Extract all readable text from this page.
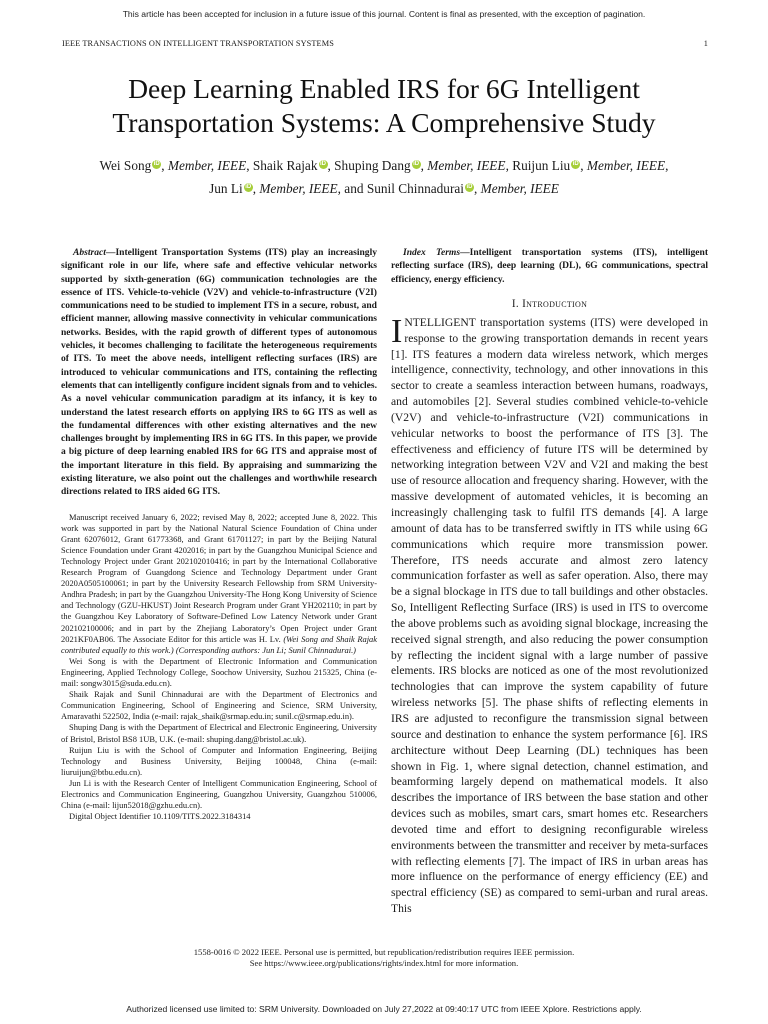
This article has been accepted for inclusion in a future issue of this journal. Content is final as presented, with the exception of pagination.
IEEE TRANSACTIONS ON INTELLIGENT TRANSPORTATION SYSTEMS	1
Deep Learning Enabled IRS for 6G Intelligent
Transportation Systems: A Comprehensive Study
Wei Song iD , Member, IEEE, Shaik Rajak iD , Shuping Dang iD , Member, IEEE, Ruijun Liu iD , Member, IEEE,
Jun Li iD , Member, IEEE, and Sunil Chinnadurai iD , Member, IEEE

Abstract—Intelligent Transportation Systems (ITS) play an increasingly significant role in our life, where safe and effective vehicular networks supported by sixth-generation (6G) communication technologies are the essence of ITS. Vehicle-to-vehicle (V2V) and vehicle-to-infrastructure (V2I) communications need to be studied to implement ITS in a secure, robust, and efficient manner, allowing massive connectivity in vehicular communications networks. Besides, with the rapid growth of different types of autonomous vehicles, it becomes challenging to facilitate the heterogeneous requirements of ITS. To meet the above needs, intelligent reflecting surfaces (IRS) are introduced to vehicular communications and ITS, containing the reflecting elements that can intelligently configure incident signals from and to vehicles. As a novel vehicular communication paradigm at its infancy, it is key to understand the latest research efforts on applying IRS to 6G ITS as well as the fundamental differences with other existing alternatives and the new challenges brought by implementing IRS in 6G ITS. In this paper, we provide a big picture of deep learning enabled IRS for 6G ITS and appraise most of the important literature in this field. By appraising and summarizing the existing literature, we also point out the challenges and worthwhile research directions related to IRS aided 6G ITS.

Manuscript received January 6, 2022; revised May 8, 2022; accepted June 8, 2022. This work was supported in part by the National Natural Science Foundation of China under Grant 62076012, Grant 61773368, and Grant 61701127; in part by the Beijing Natural Science Foundation under Grant 4202016; in part by the Guangzhou Municipal Science and Technology Project under Grant 202102010416; in part by the International Collaborative Research Program of Guangdong Science and Technology Department under Grant 2020A0505100061; in part by the University Research Fellowship from SRM University-Andhra Pradesh; in part by the Guangzhou University-The Hong Kong University of Science and Technology (GZU-HKUST) Joint Research Program under Grant YH202110; in part by the Guangzhou Key Laboratory of Software-Defined Low Latency Network under Grant 202102100006; and in part by the Zhejiang Laboratory’s Open Project under Grant 2021KF0AB06. The Associate Editor for this article was H. Lv. (Wei Song and Shaik Rajak contributed equally to this work.) (Corresponding authors: Jun Li; Sunil Chinnadurai.)

Wei Song is with the Department of Electronic Information and Communication Engineering, Applied Technology College, Soochow University, Suzhou 215325, China (e-mail: songw3015@suda.edu.cn).

Shaik Rajak and Sunil Chinnadurai are with the Department of Electronics and Communication Engineering, School of Engineering and Science, SRM University, Amaravathi 522502, India (e-mail: rajak_shaik@srmap.edu.in; sunil.c@srmap.edu.in).

Shuping Dang is with the Department of Electrical and Electronic Engineering, University of Bristol, Bristol BS8 1UB, U.K. (e-mail: shuping.dang@bristol.ac.uk).

Ruijun Liu is with the School of Computer and Information Engineering, Beijing Technology and Business University, Beijing 100048, China (e-mail: liuruijun@btbu.edu.cn).

Jun Li is with the Research Center of Intelligent Communication Engineering, School of Electronics and Communication Engineering, Guangzhou University, Guangzhou 510006, China (e-mail: lijun52018@gzhu.edu.cn).

Digital Object Identifier 10.1109/TITS.2022.3184314

Index Terms—Intelligent transportation systems (ITS), intelligent reflecting surface (IRS), deep learning (DL), 6G communications, spectral efficiency, energy efficiency.

I. Introduction

INTELLIGENT transportation systems (ITS) were developed in response to the growing transportation demands in recent years [1]. ITS features a modern data wireless network, which merges intelligence, connectivity, technology, and other innovations in this sector to create a seamless interaction between humans, roadways, and automobiles [2]. Several studies combined vehicle-to-vehicle (V2V) and vehicle-to-infrastructure (V2I) communications in vehicular networks to boost the performance of ITS [3]. The effectiveness and efficiency of future ITS will be determined by networking integration between V2V and V2I and making the best use of resource allocation and frequency sharing. However, with the massive development of automated vehicles, it is becoming an increasingly challenging task to fulfil ITS demands [4]. A large amount of data has to be transferred swiftly in ITS while using 6G communications which require more transmission power. Therefore, ITS needs accurate and almost zero latency communication forfaster as well as safer operation. Also, there may be a signal blockage in ITS due to tall buildings and other obstacles. So, Intelligent Reflecting Surface (IRS) is used in ITS to overcome the above problems such as avoiding signal blockage, increasing the received signal strength, and also reducing the power consumption by reflecting the incident signal with a large number of passive elements. IRS blocks are noticed as one of the most revolutionized technologies that can improve the system capability of future wireless networks [5]. The phase shifts of reflecting elements in IRS are adjusted to reconfigure the transmission signal between source and destination to enhance the system performance [6]. IRS architecture without Deep Learning (DL) techniques has been shown in Fig. 1, where signal detection, channel estimation, and beamforming largely depend on mathematical models. It also describes the importance of IRS between the base station and other devices such as mobiles, smart cars, smart homes etc. Researchers devoted time and effort to designing reconfigurable wireless environments between the transmitter and receiver by meta-surfaces with reflecting elements [7]. The impact of IRS in urban areas has more influence on the performance of energy efficiency (EE) and spectral efficiency (SE) as compared to semi-urban and rural areas. This

1558-0016 © 2022 IEEE. Personal use is permitted, but republication/redistribution requires IEEE permission.
See https://www.ieee.org/publications/rights/index.html for more information.
Authorized licensed use limited to: SRM University. Downloaded on July 27,2022 at 09:40:17 UTC from IEEE Xplore. Restrictions apply.
